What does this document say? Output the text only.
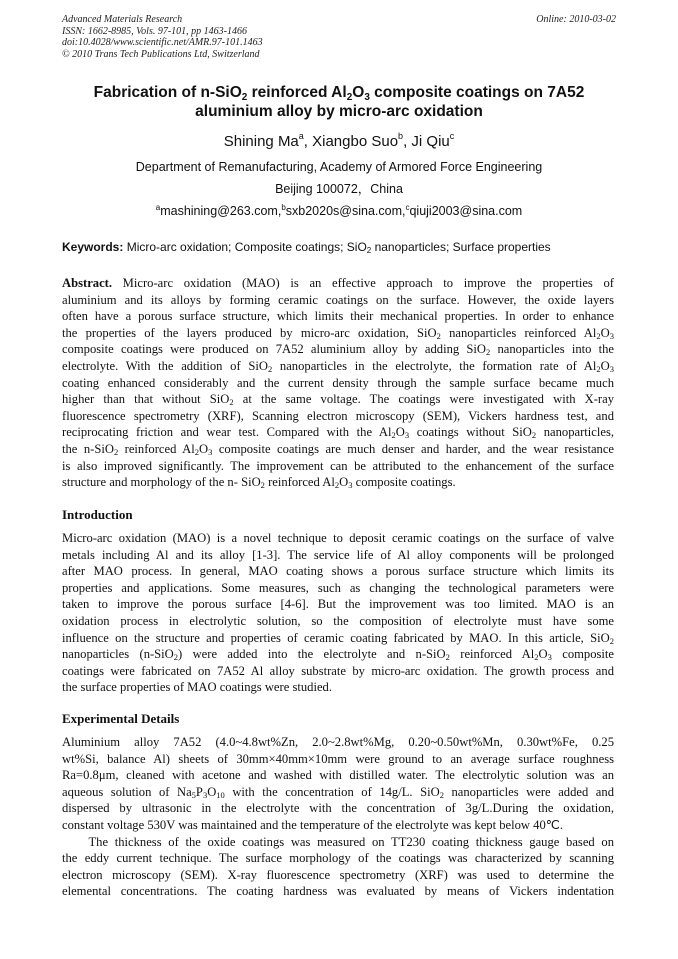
Advanced Materials Research
ISSN: 1662-8985, Vols. 97-101, pp 1463-1466
doi:10.4028/www.scientific.net/AMR.97-101.1463
© 2010 Trans Tech Publications Ltd, Switzerland
Online: 2010-03-02
Fabrication of n-SiO$_2$ reinforced $Al_2O_3$ composite coatings on 7A52
aluminium alloy by micro-arc oxidation
Shining Ma$^a$, Xiangbo Suo$^b$, Ji Qiu$^c$
Department of Remanufacturing, Academy of Armored Force Engineering
Beijing 100072，China
$^a$mashining@263.com,$^b$sxb2020s@sina.com,$^c$qiuji2003@sina.com
Keywords: Micro-arc oxidation; Composite coatings; SiO$_2$ nanoparticles; Surface properties
Abstract. Micro-arc oxidation (MAO) is an effective approach to improve the properties of
aluminium and its alloys by forming ceramic coatings on the surface. However, the oxide layers
often have a porous surface structure, which limits their mechanical properties. In order to enhance
the properties of the layers produced by micro-arc oxidation, SiO$_2$ nanoparticles reinforced $Al_2O_3$
composite coatings were produced on 7A52 aluminium alloy by adding SiO$_2$ nanoparticles into the
electrolyte. With the addition of SiO$_2$ nanoparticles in the electrolyte, the formation rate of $Al_2O_3$
coating enhanced considerably and the current density through the sample surface became much
higher than that without SiO$_2$ at the same voltage. The coatings were investigated with X-ray
fluorescence spectrometry (XRF), Scanning electron microscopy (SEM), Vickers hardness test, and
reciprocating friction and wear test. Compared with the $Al_2O_3$ coatings without SiO$_2$ nanoparticles,
the n-SiO$_2$ reinforced $Al_2O_3$ composite coatings are much denser and harder, and the wear resistance
is also improved significantly. The improvement can be attributed to the enhancement of the surface
structure and morphology of the n- SiO$_2$ reinforced $Al_2O_3$ composite coatings.
Introduction
Micro-arc oxidation (MAO) is a novel technique to deposit ceramic coatings on the surface of valve
metals including Al and its alloy [1-3]. The service life of Al alloy components will be prolonged
after MAO process. In general, MAO coating shows a porous surface structure which limits its
properties and applications. Some measures, such as changing the technological parameters were
taken to improve the porous surface [4-6]. But the improvement was too limited. MAO is an
oxidation process in electrolytic solution, so the composition of electrolyte must have some
influence on the structure and properties of ceramic coating fabricated by MAO. In this article, SiO$_2$
nanoparticles (n-SiO$_2$) were added into the electrolyte and n-SiO$_2$ reinforced $Al_2O_3$ composite
coatings were fabricated on 7A52 Al alloy substrate by micro-arc oxidation. The growth process and
the surface properties of MAO coatings were studied.
Experimental Details
Aluminium alloy 7A52 (4.0~4.8wt%Zn, 2.0~2.8wt%Mg, 0.20~0.50wt%Mn, 0.30wt%Fe, 0.25
wt%Si, balance Al) sheets of 30mm×40mm×10mm were ground to an average surface roughness
Ra=0.8μm, cleaned with acetone and washed with distilled water. The electrolytic solution was an
aqueous solution of $Na_5P_3O_{10}$ with the concentration of 14g/L. SiO$_2$ nanoparticles were added and
dispersed by ultrasonic in the electrolyte with the concentration of 3g/L.During the oxidation,
constant voltage 530V was maintained and the temperature of the electrolyte was kept below 40℃.
The thickness of the oxide coatings was measured on TT230 coating thickness gauge based on
the eddy current technique. The surface morphology of the coatings was characterized by scanning
electron microscopy (SEM). X-ray fluorescence spectrometry (XRF) was used to determine the
elemental concentrations. The coating hardness was evaluated by means of Vickers indentation
